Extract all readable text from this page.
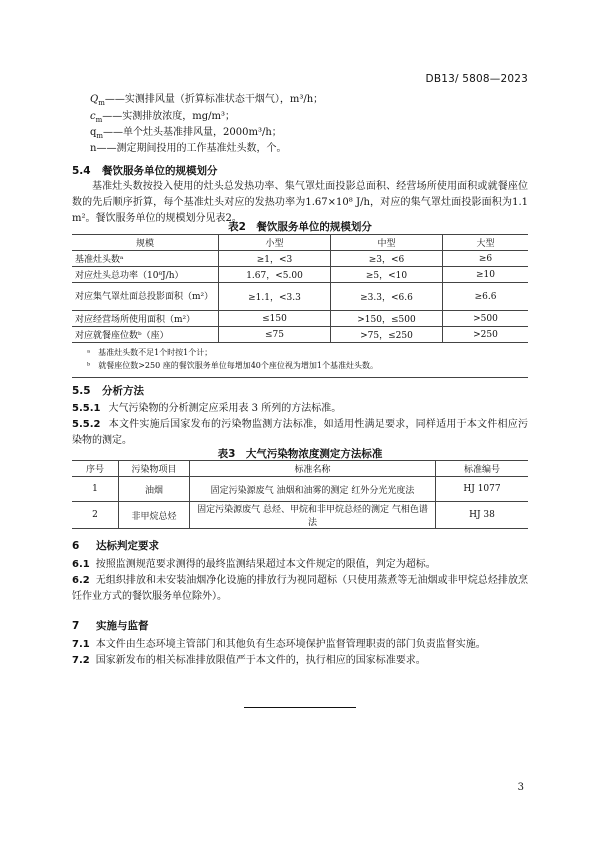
DB13/ 5808—2023
$Q_m——$实测排风量（折算标准状态干烟气），m³/h；
$c_m——$实测排放浓度，mg/m³；
$q_m——$单个灶头基准排风量，2000m³/h；
n——测定期间投用的工作基准灶头数，个。
5.4 餐饮服务单位的规模划分
基准灶头数按投入使用的灶头总发热功率、集气罩灶面投影总面积、经营场所使用面积或就餐座位数的先后顺序折算，每个基准灶头对应的发热功率为1.67×10⁸ J/h，对应的集气罩灶面投影面积为1.1 m²。餐饮服务单位的规模划分见表2。
表2　餐饮服务单位的规模划分
规模	小型	中型	大型
基准灶头数ᵃ	≥1，<3	≥3，<6	≥6
对应灶头总功率（10⁸J/h）	1.67，<5.00	≥5，<10	≥10
对应集气罩灶面总投影面积（m²）	≥1.1，<3.3	≥3.3，<6.6	≥6.6
对应经营场所使用面积（m²）	≤150	>150，≤500	>500
对应就餐座位数ᵇ（座）	≤75	>75，≤250	>250

ᵃ　基准灶头数不足1个时按1个计；
ᵇ　就餐座位数>250 座的餐饮服务单位每增加40个座位视为增加1个基准灶头数。			
5.5 分析方法
5.5.1 大气污染物的分析测定应采用表 3 所列的方法标准。
5.5.2 本文件实施后国家发布的污染物监测方法标准，如适用性满足要求，同样适用于本文件相应污染物的测定。
表3　大气污染物浓度测定方法标准
序号	污染物项目	标准名称	标准编号
1	油烟	固定污染源废气 油烟和油雾的测定 红外分光光度法	HJ 1077
2	非甲烷总烃	固定污染源废气 总烃、甲烷和非甲烷总烃的测定 气相色谱法	HJ 38
6 达标判定要求
6.1 按照监测规范要求测得的最终监测结果超过本文件规定的限值，判定为超标。
6.2 无组织排放和未安装油烟净化设施的排放行为视同超标（只使用蒸煮等无油烟或非甲烷总烃排放烹饪作业方式的餐饮服务单位除外）。
7 实施与监督
7.1 本文件由生态环境主管部门和其他负有生态环境保护监督管理职责的部门负责监督实施。
7.2 国家新发布的相关标准排放限值严于本文件的，执行相应的国家标准要求。
3
